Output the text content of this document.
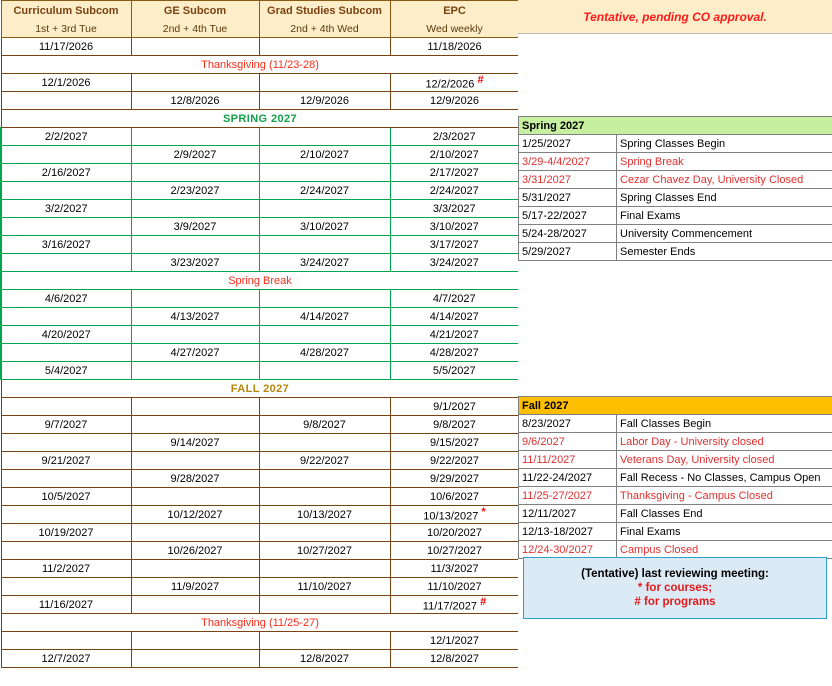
Curriculum Subcom	GE Subcom	Grad Studies Subcom	EPC
1st + 3rd Tue	2nd + 4th Tue	2nd + 4th Wed	Wed weekly
11/17/2026			11/18/2026
Thanksgiving (11/23-28)			
12/1/2026			12/2/2026 #
	12/8/2026	12/9/2026	12/9/2026
SPRING 2027			
2/2/2027			2/3/2027
	2/9/2027	2/10/2027	2/10/2027
2/16/2027			2/17/2027
	2/23/2027	2/24/2027	2/24/2027
3/2/2027			3/3/2027
	3/9/2027	3/10/2027	3/10/2027
3/16/2027			3/17/2027
	3/23/2027	3/24/2027	3/24/2027
Spring Break			
4/6/2027			4/7/2027
	4/13/2027	4/14/2027	4/14/2027
4/20/2027			4/21/2027
	4/27/2027	4/28/2027	4/28/2027
5/4/2027			5/5/2027
FALL 2027			
			9/1/2027
9/7/2027		9/8/2027	9/8/2027
	9/14/2027		9/15/2027
9/21/2027		9/22/2027	9/22/2027
	9/28/2027		9/29/2027
10/5/2027			10/6/2027
	10/12/2027	10/13/2027	10/13/2027 *
10/19/2027			10/20/2027
	10/26/2027	10/27/2027	10/27/2027
11/2/2027			11/3/2027
	11/9/2027	11/10/2027	11/10/2027
11/16/2027			11/17/2027 #
Thanksgiving (11/25-27)			
			12/1/2027
12/7/2027		12/8/2027	12/8/2027
Tentative, pending CO approval.
Spring 2027	
1/25/2027	Spring Classes Begin
3/29-4/4/2027	Spring Break
3/31/2027	Cezar Chavez Day, University Closed
5/31/2027	Spring Classes End
5/17-22/2027	Final Exams
5/24-28/2027	University Commencement
5/29/2027	Semester Ends
Fall 2027	
8/23/2027	Fall Classes Begin
9/6/2027	Labor Day - University closed
11/11/2027	Veterans Day, University closed
11/22-24/2027	Fall Recess - No Classes, Campus Open
11/25-27/2027	Thanksgiving - Campus Closed
12/11/2027	Fall Classes End
12/13-18/2027	Final Exams
12/24-30/2027	Campus Closed
(Tentative) last reviewing meeting:
* for courses;
# for programs
